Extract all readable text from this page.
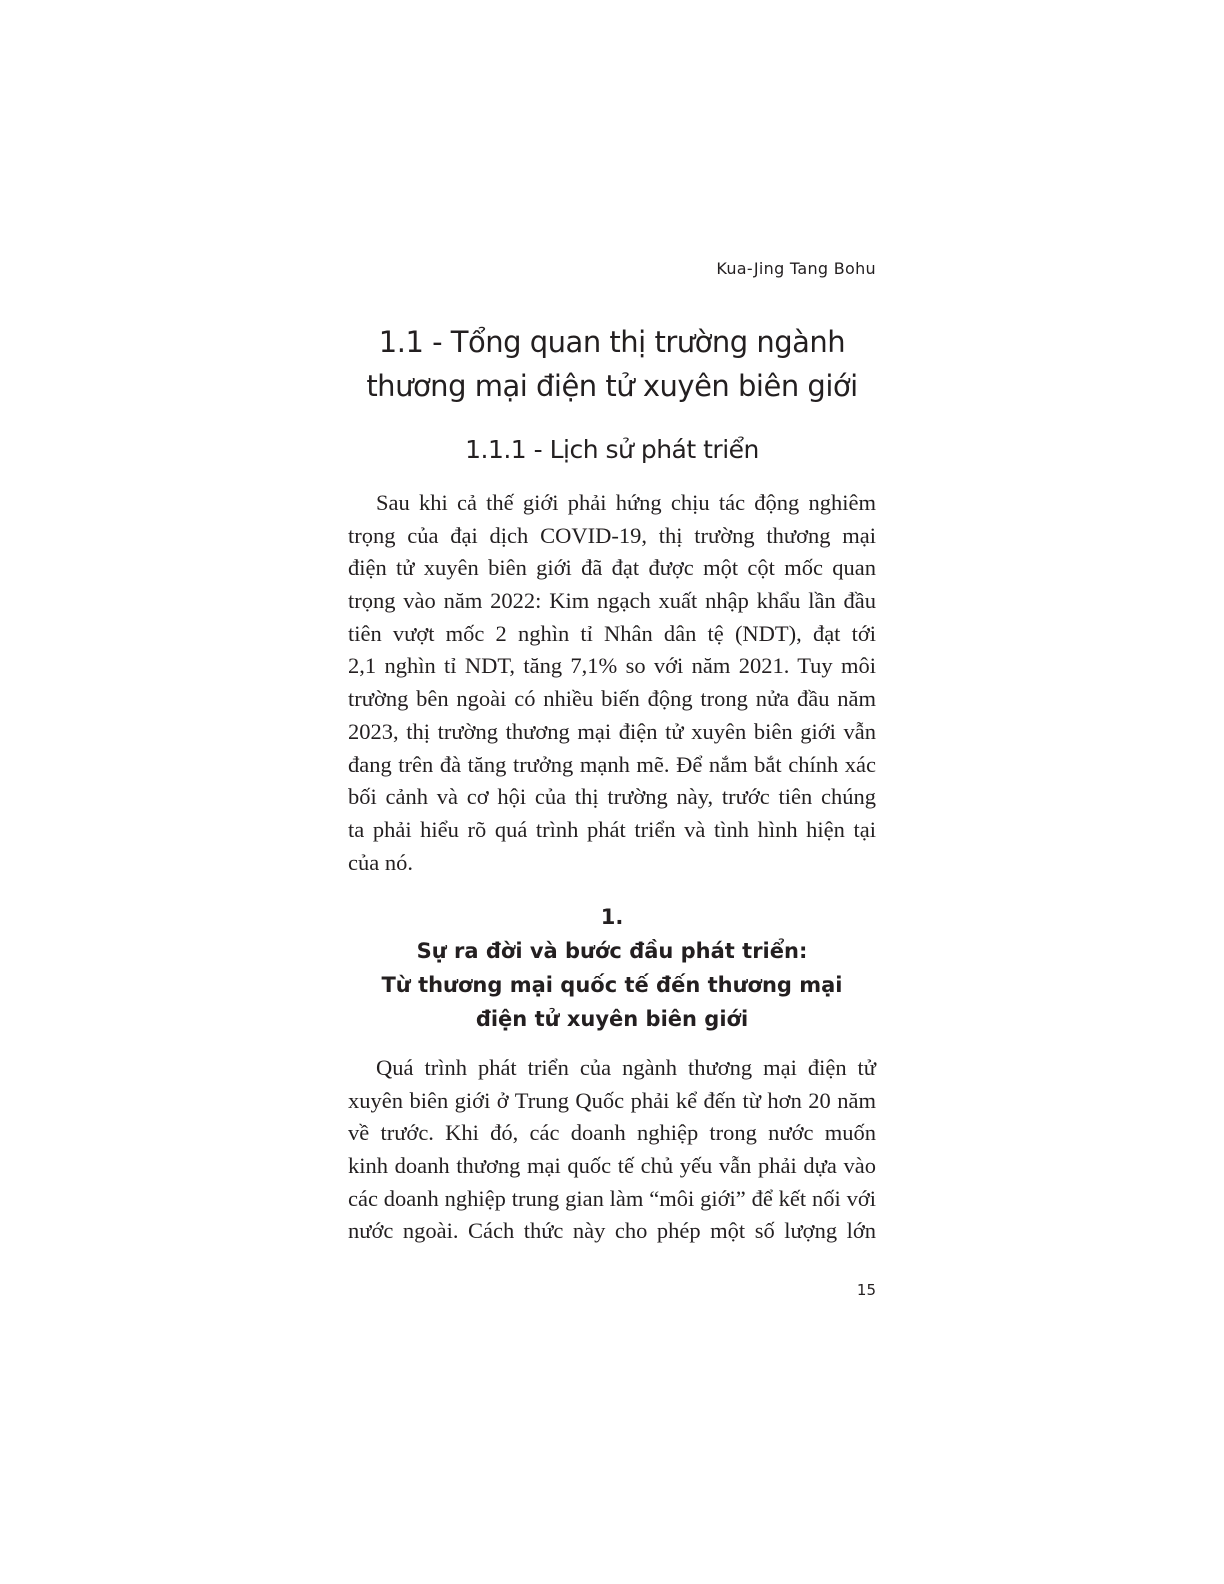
Kua-Jing Tang Bohu
1.1 - Tổng quan thị trường ngành
thương mại điện tử xuyên biên giới
1.1.1 - Lịch sử phát triển
Sau khi cả thế giới phải hứng chịu tác động nghiêm
trọng của đại dịch COVID-19, thị trường thương mại
điện tử xuyên biên giới đã đạt được một cột mốc quan
trọng vào năm 2022: Kim ngạch xuất nhập khẩu lần đầu
tiên vượt mốc 2 nghìn tỉ Nhân dân tệ (NDT), đạt tới
2,1 nghìn tỉ NDT, tăng 7,1% so với năm 2021. Tuy môi
trường bên ngoài có nhiều biến động trong nửa đầu năm
2023, thị trường thương mại điện tử xuyên biên giới vẫn
đang trên đà tăng trưởng mạnh mẽ. Để nắm bắt chính xác
bối cảnh và cơ hội của thị trường này, trước tiên chúng
ta phải hiểu rõ quá trình phát triển và tình hình hiện tại
của nó.
1.
Sự ra đời và bước đầu phát triển:
Từ thương mại quốc tế đến thương mại
điện tử xuyên biên giới
Quá trình phát triển của ngành thương mại điện tử
xuyên biên giới ở Trung Quốc phải kể đến từ hơn 20 năm
về trước. Khi đó, các doanh nghiệp trong nước muốn
kinh doanh thương mại quốc tế chủ yếu vẫn phải dựa vào
các doanh nghiệp trung gian làm “môi giới” để kết nối với
nước ngoài. Cách thức này cho phép một số lượng lớn
15
